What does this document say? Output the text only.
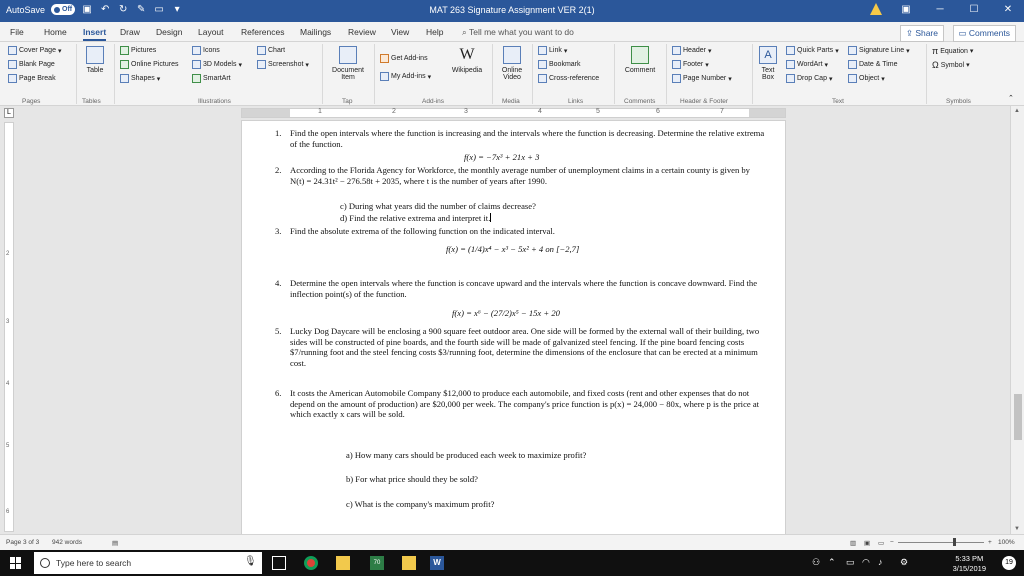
AutoSave Off ▣ ↶ ↻ ✎ ▭	▾	MAT 263 Signature Assignment VER 2(1)	▣	─	☐	✕
File Home Insert Draw Design Layout References Mailings Review View Help ⌕ Tell me what you want to do	⇪ Share	▭ Comments
Cover Page ▾
Blank Page
Page Break
Pages
Table
Tables
Pictures
Online Pictures
Shapes ▾
Icons
3D Models ▾
SmartArt
Chart
Screenshot ▾
Illustrations
Document Item
Tap
Get Add-ins
My Add-ins ▾
W
Wikipedia
Add-ins
Online Video
Media
Link ▾
Bookmark
Cross-reference
Links
Comment
Comments
Header ▾
Footer ▾
Page Number ▾
Header & Footer
A
Text Box
Quick Parts ▾
WordArt ▾
Drop Cap ▾
Signature Line ▾
Date & Time
Object ▾
Text
π Equation ▾
Ω Symbol ▾
Symbols	⌃
L	1	2	3	4	5	6	7
2
3
4
5
6
1. Find the open intervals where the function is increasing and the intervals where the function is decreasing. Determine the relative extrema of the function.
f(x) = −7x³ + 21x + 3
2. According to the Florida Agency for Workforce, the monthly average number of unemployment claims in a certain county is given by N(t) = 24.31t² − 276.58t + 2035, where t is the number of years after 1990.
c) During what years did the number of claims decrease?
d) Find the relative extrema and interpret it.
3. Find the absolute extrema of the following function on the indicated interval.
f(x) = (1/4)x⁴ − x³ − 5x² + 4 on [−2,7]
4. Determine the open intervals where the function is concave upward and the intervals where the function is concave downward. Find the inflection point(s) of the function.
f(x) = x⁶ − (27/2)x⁵ − 15x + 20
5. Lucky Dog Daycare will be enclosing a 900 square feet outdoor area. One side will be formed by the external wall of their building, two sides will be constructed of pine boards, and the fourth side will be made of galvanized steel fencing. If the pine board fencing costs $7/running foot and the steel fencing costs $3/running foot, determine the dimensions of the enclosure that can be erected at a minimum cost.
6. It costs the American Automobile Company $12,000 to produce each automobile, and fixed costs (rent and other expenses that do not depend on the amount of production) are $20,000 per week. The company's price function is p(x) = 24,000 − 80x, where p is the price at which exactly x cars will be sold.
a) How many cars should be produced each week to maximize profit?
b) For what price should they be sold?
c) What is the company's maximum profit?
▲
▼
Page 3 of 3 942 words	▤	▥ ▣ ▭ −	+ 100%
Type here to search	🎙	70	W	⚇ ⌃ ▭ ◠ ♪ ⚙	5:33 PM
3/15/2019
19
